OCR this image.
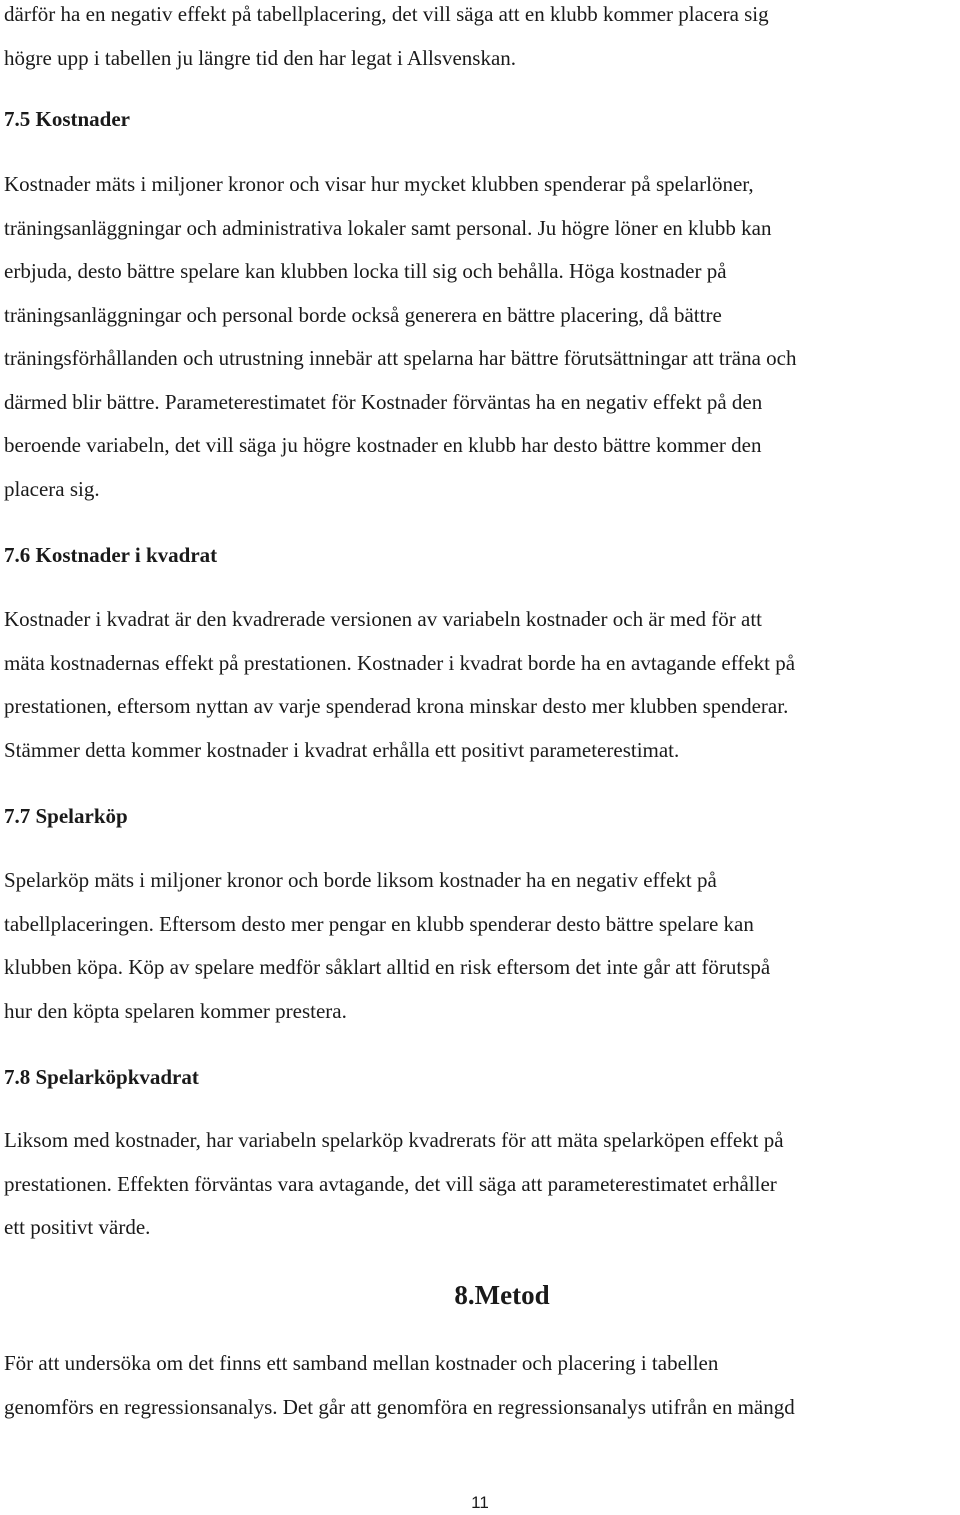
därför ha en negativ effekt på tabellplacering, det vill säga att en klubb kommer placera sig
högre upp i tabellen ju längre tid den har legat i Allsvenskan.
7.5 Kostnader
Kostnader mäts i miljoner kronor och visar hur mycket klubben spenderar på spelarlöner,
träningsanläggningar och administrativa lokaler samt personal. Ju högre löner en klubb kan
erbjuda, desto bättre spelare kan klubben locka till sig och behålla. Höga kostnader på
träningsanläggningar och personal borde också generera en bättre placering, då bättre
träningsförhållanden och utrustning innebär att spelarna har bättre förutsättningar att träna och
därmed blir bättre. Parameterestimatet för Kostnader förväntas ha en negativ effekt på den
beroende variabeln, det vill säga ju högre kostnader en klubb har desto bättre kommer den
placera sig.
7.6 Kostnader i kvadrat
Kostnader i kvadrat är den kvadrerade versionen av variabeln kostnader och är med för att
mäta kostnadernas effekt på prestationen. Kostnader i kvadrat borde ha en avtagande effekt på
prestationen, eftersom nyttan av varje spenderad krona minskar desto mer klubben spenderar.
Stämmer detta kommer kostnader i kvadrat erhålla ett positivt parameterestimat.
7.7 Spelarköp
Spelarköp mäts i miljoner kronor och borde liksom kostnader ha en negativ effekt på
tabellplaceringen. Eftersom desto mer pengar en klubb spenderar desto bättre spelare kan
klubben köpa. Köp av spelare medför såklart alltid en risk eftersom det inte går att förutspå
hur den köpta spelaren kommer prestera.
7.8 Spelarköpkvadrat
Liksom med kostnader, har variabeln spelarköp kvadrerats för att mäta spelarköpen effekt på
prestationen. Effekten förväntas vara avtagande, det vill säga att parameterestimatet erhåller
ett positivt värde.
8.Metod
För att undersöka om det finns ett samband mellan kostnader och placering i tabellen
genomförs en regressionsanalys. Det går att genomföra en regressionsanalys utifrån en mängd
11
